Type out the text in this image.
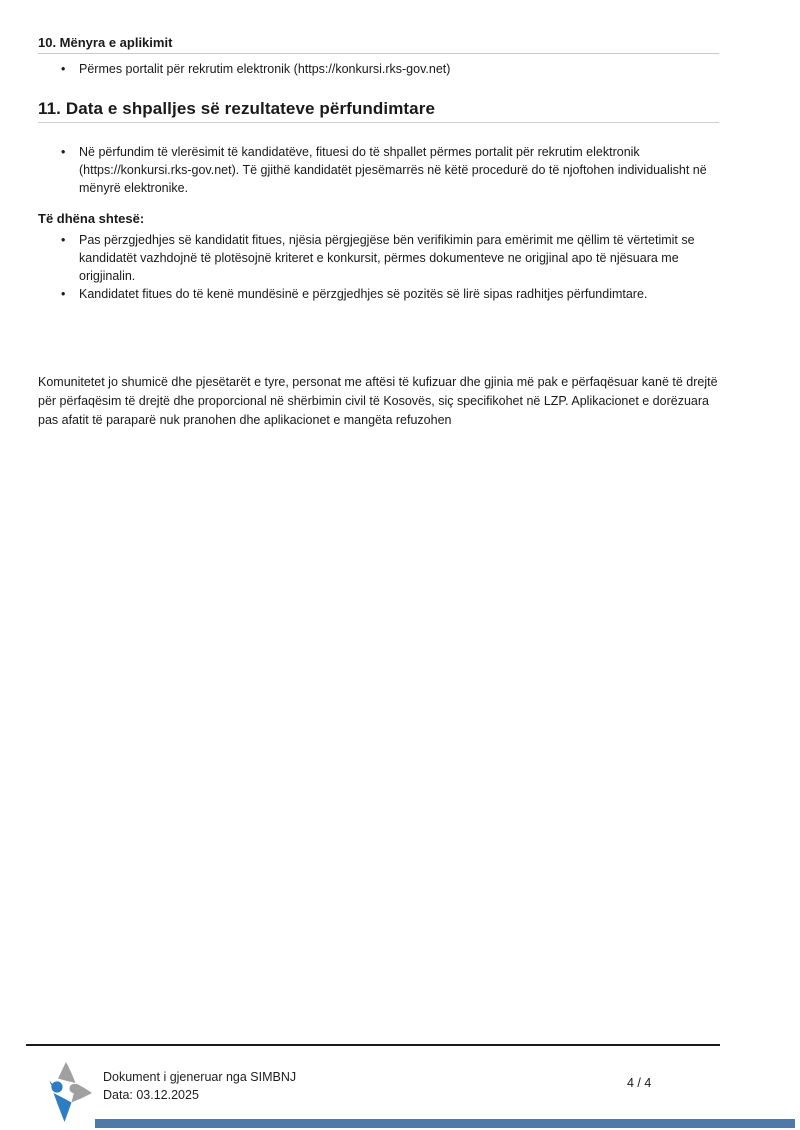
10. Mënyra e aplikimit
• Përmes portalit për rekrutim elektronik (https://konkursi.rks-gov.net)
11. Data e shpalljes së rezultateve përfundimtare
• Në përfundim të vlerësimit të kandidatëve, fituesi do të shpallet përmes portalit për rekrutim elektronik (https://konkursi.rks-gov.net). Të gjithë kandidatët pjesëmarrës në këtë procedurë do të njoftohen individualisht në mënyrë elektronike.
Të dhëna shtesë:
• Pas përzgjedhjes së kandidatit fitues, njësia përgjegjëse bën verifikimin para emërimit me qëllim të vërtetimit se kandidatët vazhdojnë të plotësojnë kriteret e konkursit, përmes dokumenteve ne origjinal apo të njësuara me origjinalin.
• Kandidatet fitues do të kenë mundësinë e përzgjedhjes së pozitës së lirë sipas radhitjes përfundimtare.
Komunitetet jo shumicë dhe pjesëtarët e tyre, personat me aftësi të kufizuar dhe gjinia më pak e përfaqësuar kanë të drejtë për përfaqësim të drejtë dhe proporcional në shërbimin civil të Kosovës, siç specifikohet në LZP. Aplikacionet e dorëzuara pas afatit të paraparë nuk pranohen dhe aplikacionet e mangëta refuzohen
Dokument i gjeneruar nga SIMBNJ
Data: 03.12.2025
4 / 4
